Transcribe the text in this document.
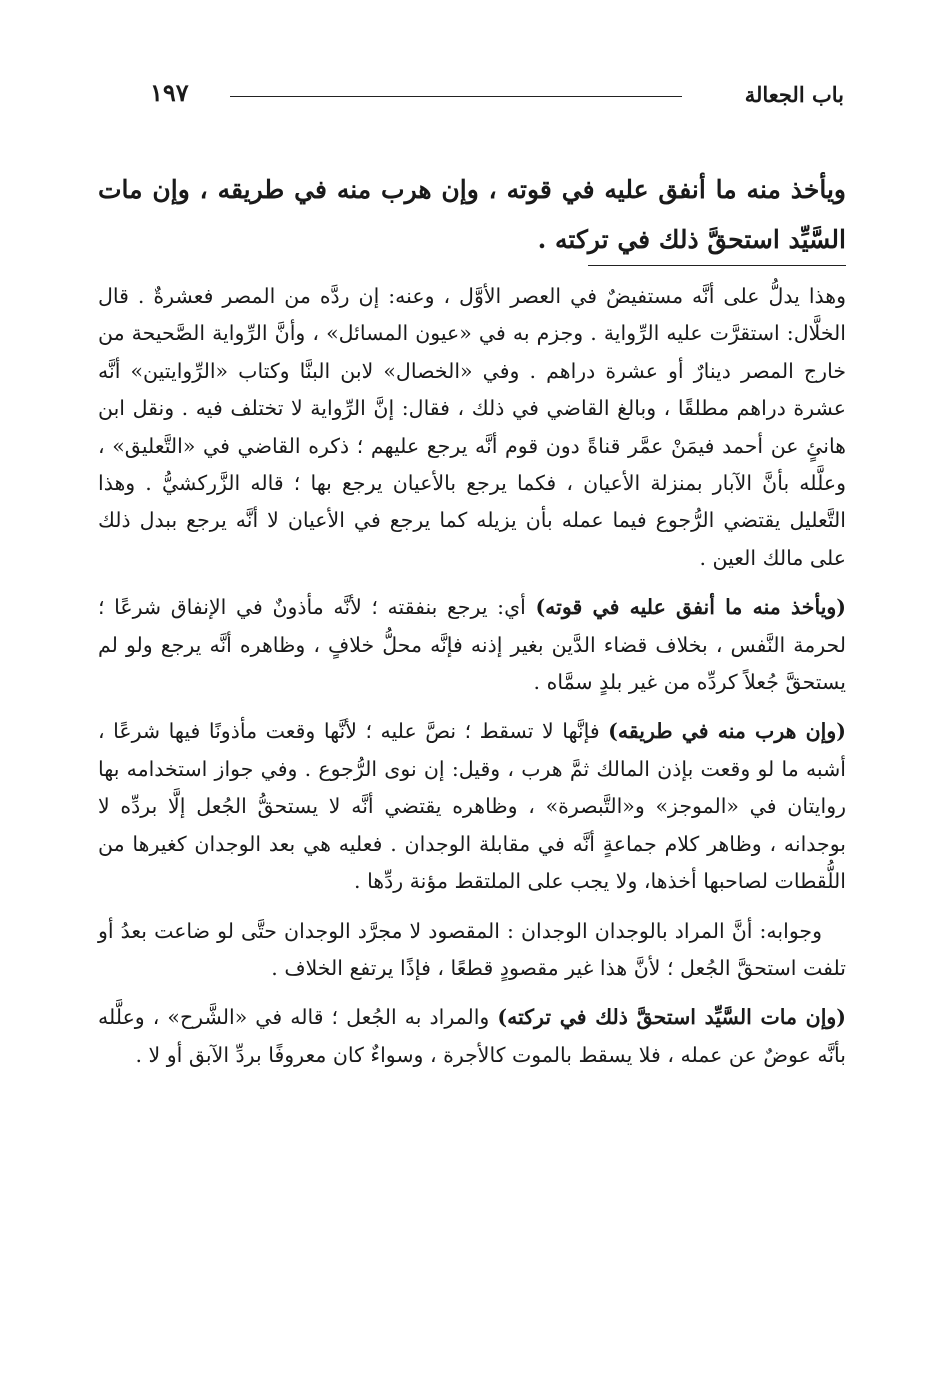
باب الجعالة
١٩٧
ويأخذ منه ما أنفق عليه في قوته ، وإن هرب منه في طريقه ، وإن مات السَّيِّد استحقَّ ذلك في تركته .

وهذا يدلُّ على أنَّه مستفيضٌ في العصر الأوَّل ، وعنه: إن ردَّه من المصر فعشرةٌ . قال الخلَّال: استقرَّت عليه الرِّواية . وجزم به في «عيون المسائل» ، وأنَّ الرِّواية الصَّحيحة من خارج المصر دينارٌ أو عشرة دراهم . وفي «الخصال» لابن البنَّا وكتاب «الرِّوايتين» أنَّه عشرة دراهم مطلقًا ، وبالغ القاضي في ذلك ، فقال: إنَّ الرِّواية لا تختلف فيه . ونقل ابن هانئٍ عن أحمد فيمَنْ عمَّر قناةً دون قوم أنَّه يرجع عليهم ؛ ذكره القاضي في «التَّعليق» ، وعلَّله بأنَّ الآبار بمنزلة الأعيان ، فكما يرجع بالأعيان يرجع بها ؛ قاله الزَّركشيُّ . وهذا التَّعليل يقتضي الرُّجوع فيما عمله بأن يزيله كما يرجع في الأعيان لا أنَّه يرجع ببدل ذلك على مالك العين .

(ويأخذ منه ما أنفق عليه في قوته) أي: يرجع بنفقته ؛ لأنَّه مأذونٌ في الإنفاق شرعًا ؛ لحرمة النَّفس ، بخلاف قضاء الدَّين بغير إذنه فإنَّه محلُّ خلافٍ ، وظاهره أنَّه يرجع ولو لم يستحقَّ جُعلاً كردِّه من غير بلدٍ سمَّاه .

(وإن هرب منه في طريقه) فإنَّها لا تسقط ؛ نصَّ عليه ؛ لأنَّها وقعت مأذونًا فيها شرعًا ، أشبه ما لو وقعت بإذن المالك ثمَّ هرب ، وقيل: إن نوى الرُّجوع . وفي جواز استخدامه بها روايتان في «الموجز» و«التَّبصرة» ، وظاهره يقتضي أنَّه لا يستحقُّ الجُعل إلَّا بردِّه لا بوجدانه ، وظاهر كلام جماعةٍ أنَّه في مقابلة الوجدان . فعليه هي بعد الوجدان كغيرها من اللُّقطات لصاحبها أخذها، ولا يجب على الملتقط مؤنة ردِّها .

وجوابه: أنَّ المراد بالوجدان الوجدان : المقصود لا مجرَّد الوجدان حتَّى لو ضاعت بعدُ أو تلفت استحقَّ الجُعل ؛ لأنَّ هذا غير مقصودٍ قطعًا ، فإذًا يرتفع الخلاف .

(وإن مات السَّيِّد استحقَّ ذلك في تركته) والمراد به الجُعل ؛ قاله في «الشَّرح» ، وعلَّله بأنَّه عوضٌ عن عمله ، فلا يسقط بالموت كالأجرة ، وسواءٌ كان معروفًا بردِّ الآبق أو لا .
